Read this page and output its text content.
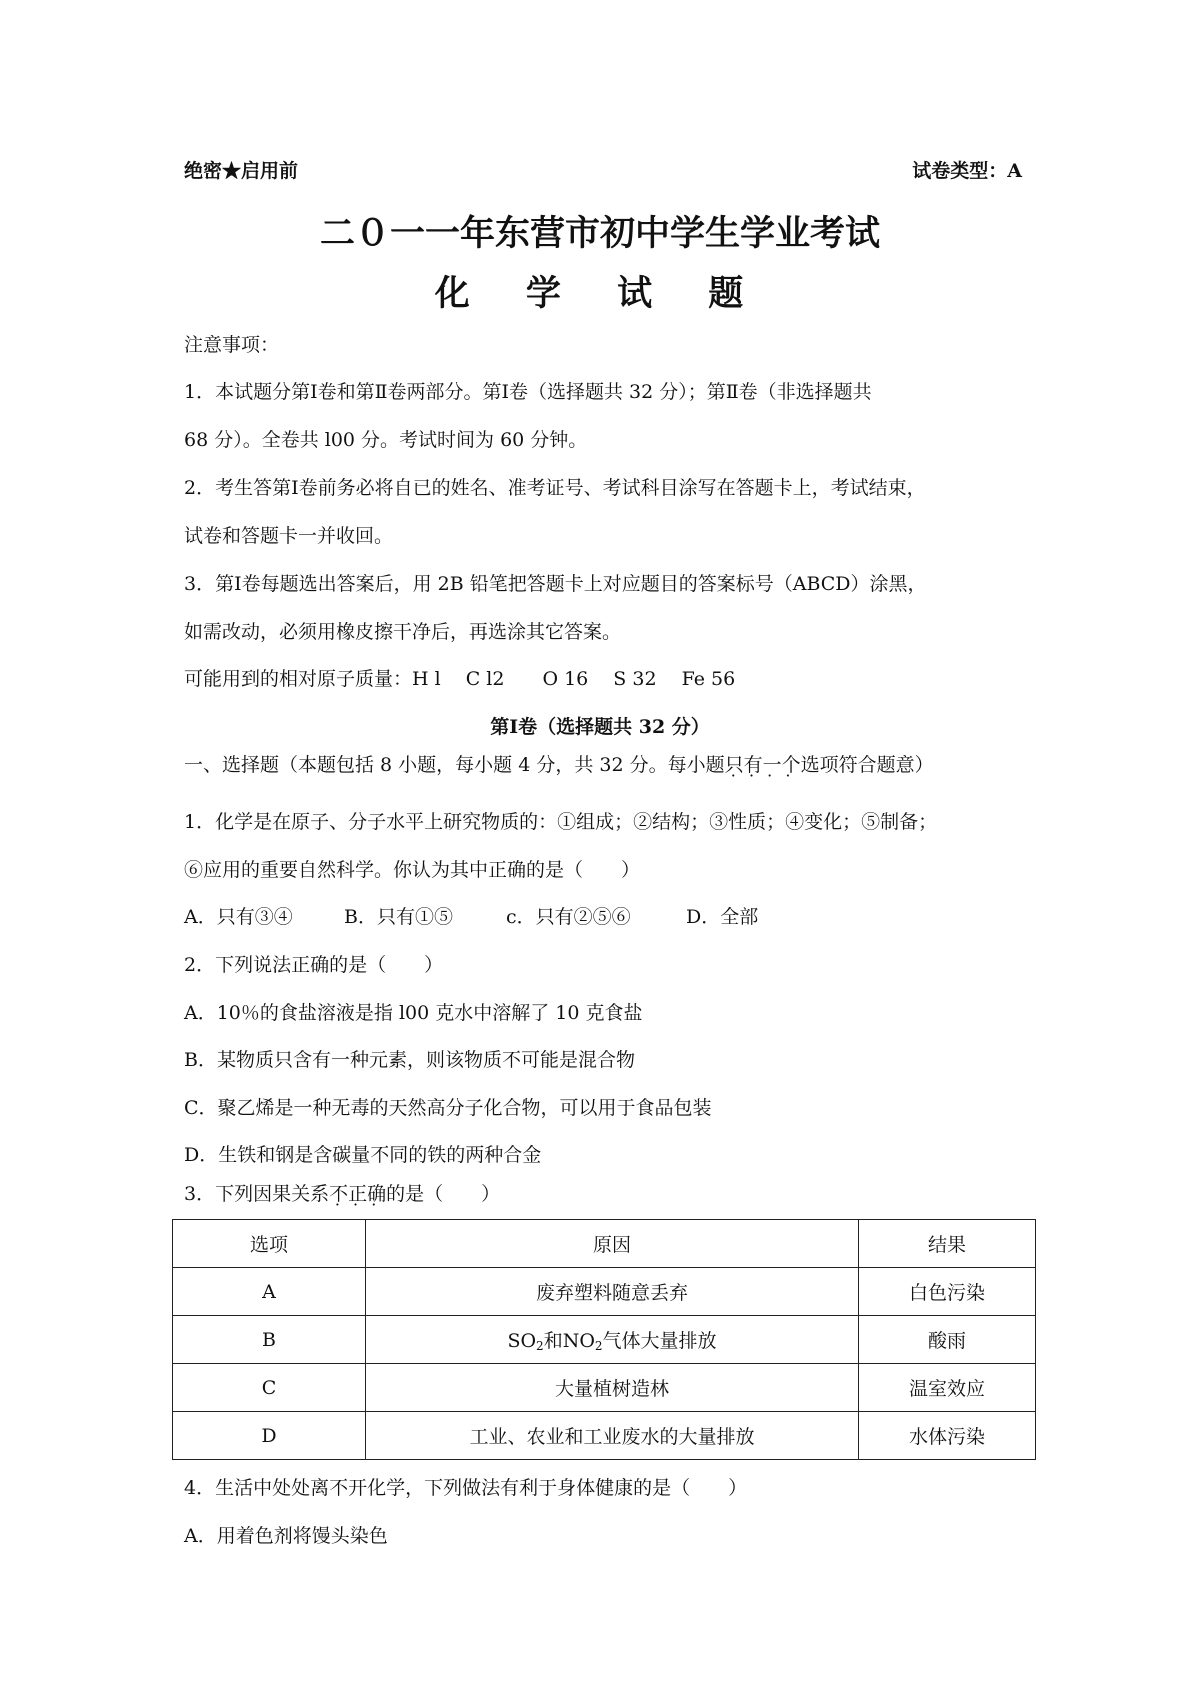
绝密★启用前	试卷类型：A
二０一一年东营市初中学生学业考试
化 学 试 题
注意事项：
1．本试题分第Ⅰ卷和第Ⅱ卷两部分。第Ⅰ卷（选择题共 32 分）；第Ⅱ卷（非选择题共
68 分）。全卷共 l00 分。考试时间为 60 分钟。
2．考生答第Ⅰ卷前务必将自已的姓名、准考证号、考试科目涂写在答题卡上，考试结束，
试卷和答题卡一并收回。
3．第Ⅰ卷每题选出答案后，用 2B 铅笔把答题卡上对应题目的答案标号（ABCD）涂黑，
如需改动，必须用橡皮擦干净后，再选涂其它答案。
可能用到的相对原子质量：H l　 C l2　　O 16　 S 32　 Fe 56
第Ⅰ卷（选择题共 32 分）
一、选择题（本题包括 8 小题，每小题 4 分，共 32 分。每小题只有一个 · · · ·选项符合题意）
1．化学是在原子、分子水平上研究物质的：①组成；②结构；③性质；④变化；⑤制备；
⑥应用的重要自然科学。你认为其中正确的是（　　）
A．只有③④	B．只有①⑤	c．只有②⑤⑥	D．全部
2．下列说法正确的是（　　）
A．10％的食盐溶液是指 l00 克水中溶解了 10 克食盐
B．某物质只含有一种元素，则该物质不可能是混合物
C．聚乙烯是一种无毒的天然高分子化合物，可以用于食品包装
D．生铁和钢是含碳量不同的铁的两种合金
3．下列因果关系不正确 · · ·的是（　　）
选项	原因	结果
A	废弃塑料随意丢弃	白色污染
B	$SO_2$和$NO_2$气体大量排放	酸雨
C	大量植树造林	温室效应
D	工业、农业和工业废水的大量排放	水体污染
4．生活中处处离不开化学，下列做法有利于身体健康的是（　　）
A．用着色剂将馒头染色
